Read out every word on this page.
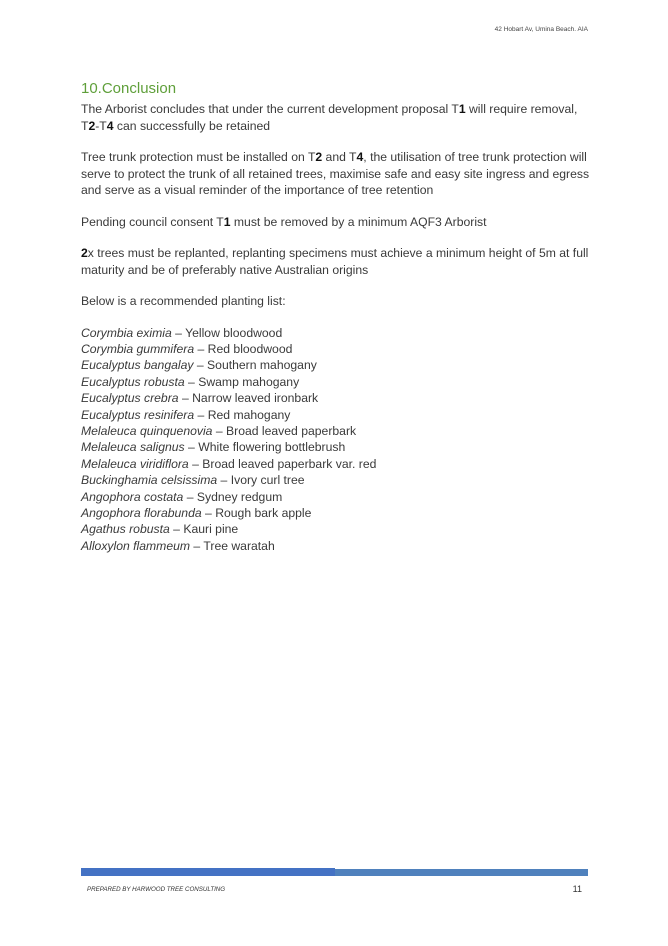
42 Hobart Av, Umina Beach. AIA
10.Conclusion

The Arborist concludes that under the current development proposal T1 will require removal, T2-T4 can successfully be retained

Tree trunk protection must be installed on T2 and T4, the utilisation of tree trunk protection will serve to protect the trunk of all retained trees, maximise safe and easy site ingress and egress and serve as a visual reminder of the importance of tree retention

Pending council consent T1 must be removed by a minimum AQF3 Arborist

2x trees must be replanted, replanting specimens must achieve a minimum height of 5m at full maturity and be of preferably native Australian origins

Below is a recommended planting list:

Corymbia eximia – Yellow bloodwood
Corymbia gummifera – Red bloodwood
Eucalyptus bangalay – Southern mahogany
Eucalyptus robusta – Swamp mahogany
Eucalyptus crebra – Narrow leaved ironbark
Eucalyptus resinifera – Red mahogany
Melaleuca quinquenovia – Broad leaved paperbark
Melaleuca salignus – White flowering bottlebrush
Melaleuca viridiflora – Broad leaved paperbark var. red
Buckinghamia celsissima – Ivory curl tree
Angophora costata – Sydney redgum
Angophora florabunda – Rough bark apple
Agathus robusta – Kauri pine
Alloxylon flammeum – Tree waratah
PREPARED BY HARWOOD TREE CONSULTING	11
